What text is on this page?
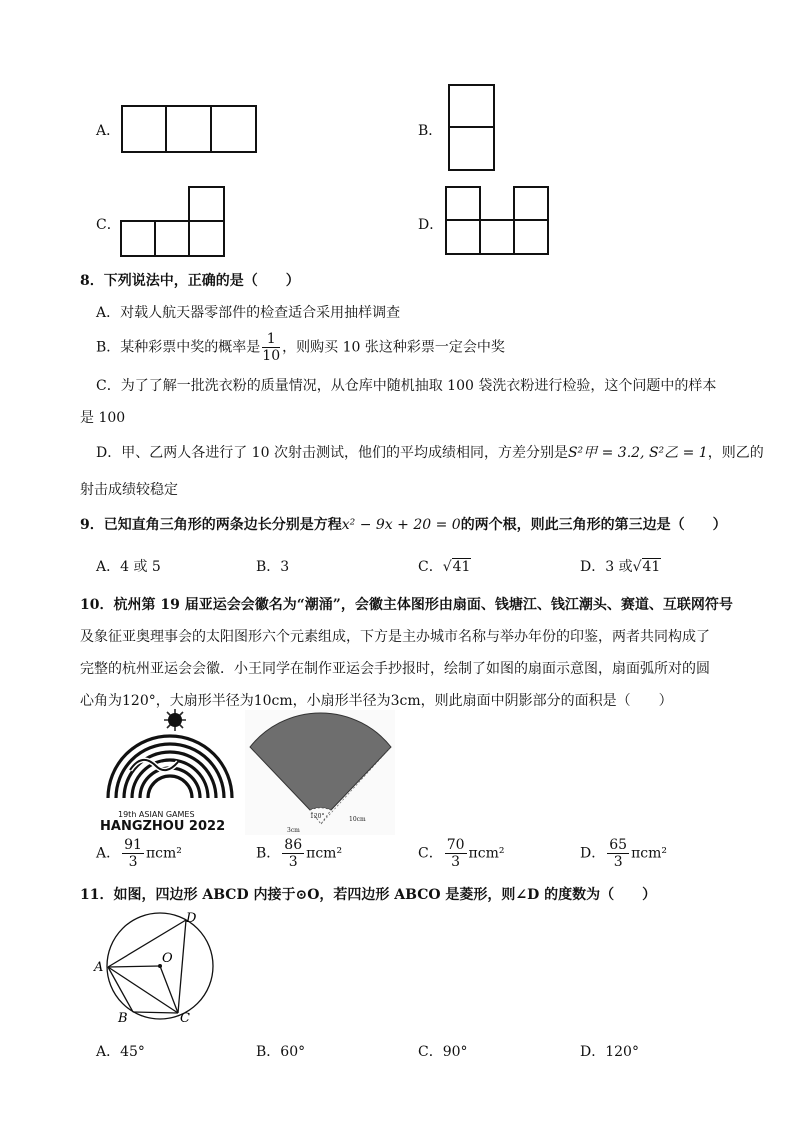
A．	B．
C．	D．
8．下列说法中，正确的是（　　）
A．对载人航天器零部件的检查适合采用抽样调查
B．某种彩票中奖的概率是 $\frac{1}{10}$ ，则购买 10 张这种彩票一定会中奖
C．为了了解一批洗衣粉的质量情况，从仓库中随机抽取 100 袋洗衣粉进行检验，这个问题中的样本
是 100
D．甲、乙两人各进行了 10 次射击测试，他们的平均成绩相同，方差分别是S²甲 = 3.2, S²乙 = 1，则乙的
射击成绩较稳定
9．已知直角三角形的两条边长分别是方程x² − 9x + 20 = 0的两个根，则此三角形的第三边是（　　）
A．4 或 5	B．3	C．√41	D．3 或√41
10．杭州第 19 届亚运会会徽名为“潮涌”，会徽主体图形由扇面、钱塘江、钱江潮头、赛道、互联网符号
及象征亚奥理事会的太阳图形六个元素组成，下方是主办城市名称与举办年份的印鉴，两者共同构成了
完整的杭州亚运会会徽．小王同学在制作亚运会手抄报时，绘制了如图的扇面示意图，扇面弧所对的圆
心角为120°，大扇形半径为10cm，小扇形半径为3cm，则此扇面中阴影部分的面积是（　　）
19th ASIAN GAMES
HANGZHOU 2022
120°
3cm
10cm
A． $\frac{91}{3} \pi cm^2$	B． $\frac{86}{3} \pi cm^2$	C． $\frac{70}{3} \pi cm^2$	D． $\frac{65}{3} \pi cm^2$
11．如图，四边形 ABCD 内接于⊙O，若四边形 ABCO 是菱形，则∠D 的度数为（　　）
A
B	C
D
O
A．45°	B．60°	C．90°	D．120°
